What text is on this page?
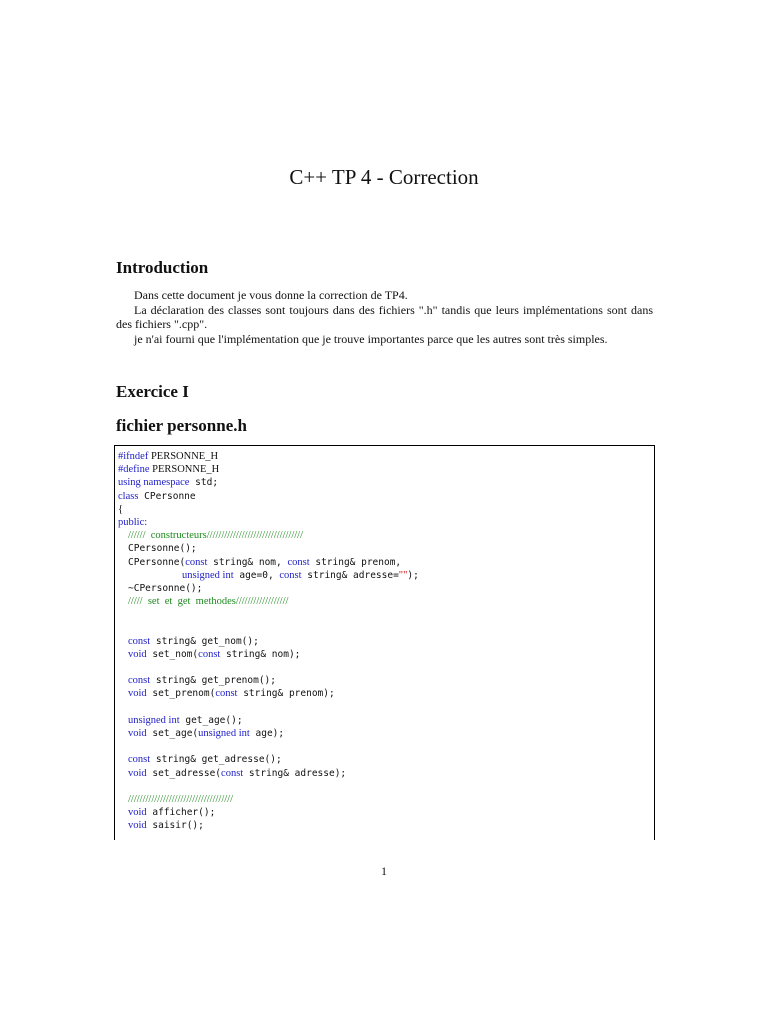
C++ TP 4 - Correction
Introduction

Dans cette document je vous donne la correction de TP4.

La déclaration des classes sont toujours dans des fichiers ".h" tandis que leurs implémentations sont dans des fichiers ".cpp".

je n'ai fourni que l'implémentation que je trouve importantes parce que les autres sont très simples.

Exercice I
fichier personne.h
#ifndef PERSONNE_H
#define PERSONNE_H
using namespace std;
class CPersonne
{
public:
//////  constructeurs/////////////////////////////////
CPersonne();
CPersonne(const string& nom, const string& prenom,
unsigned int age=0, const string& adresse="");
~CPersonne();
/////  set  et  get  methodes//////////////////
const string& get_nom();
void set_nom(const string& nom);
const string& get_prenom();
void set_prenom(const string& prenom);
unsigned int get_age();
void set_age(unsigned int age);
const string& get_adresse();
void set_adresse(const string& adresse);
////////////////////////////////////
void afficher();
void saisir();
1
